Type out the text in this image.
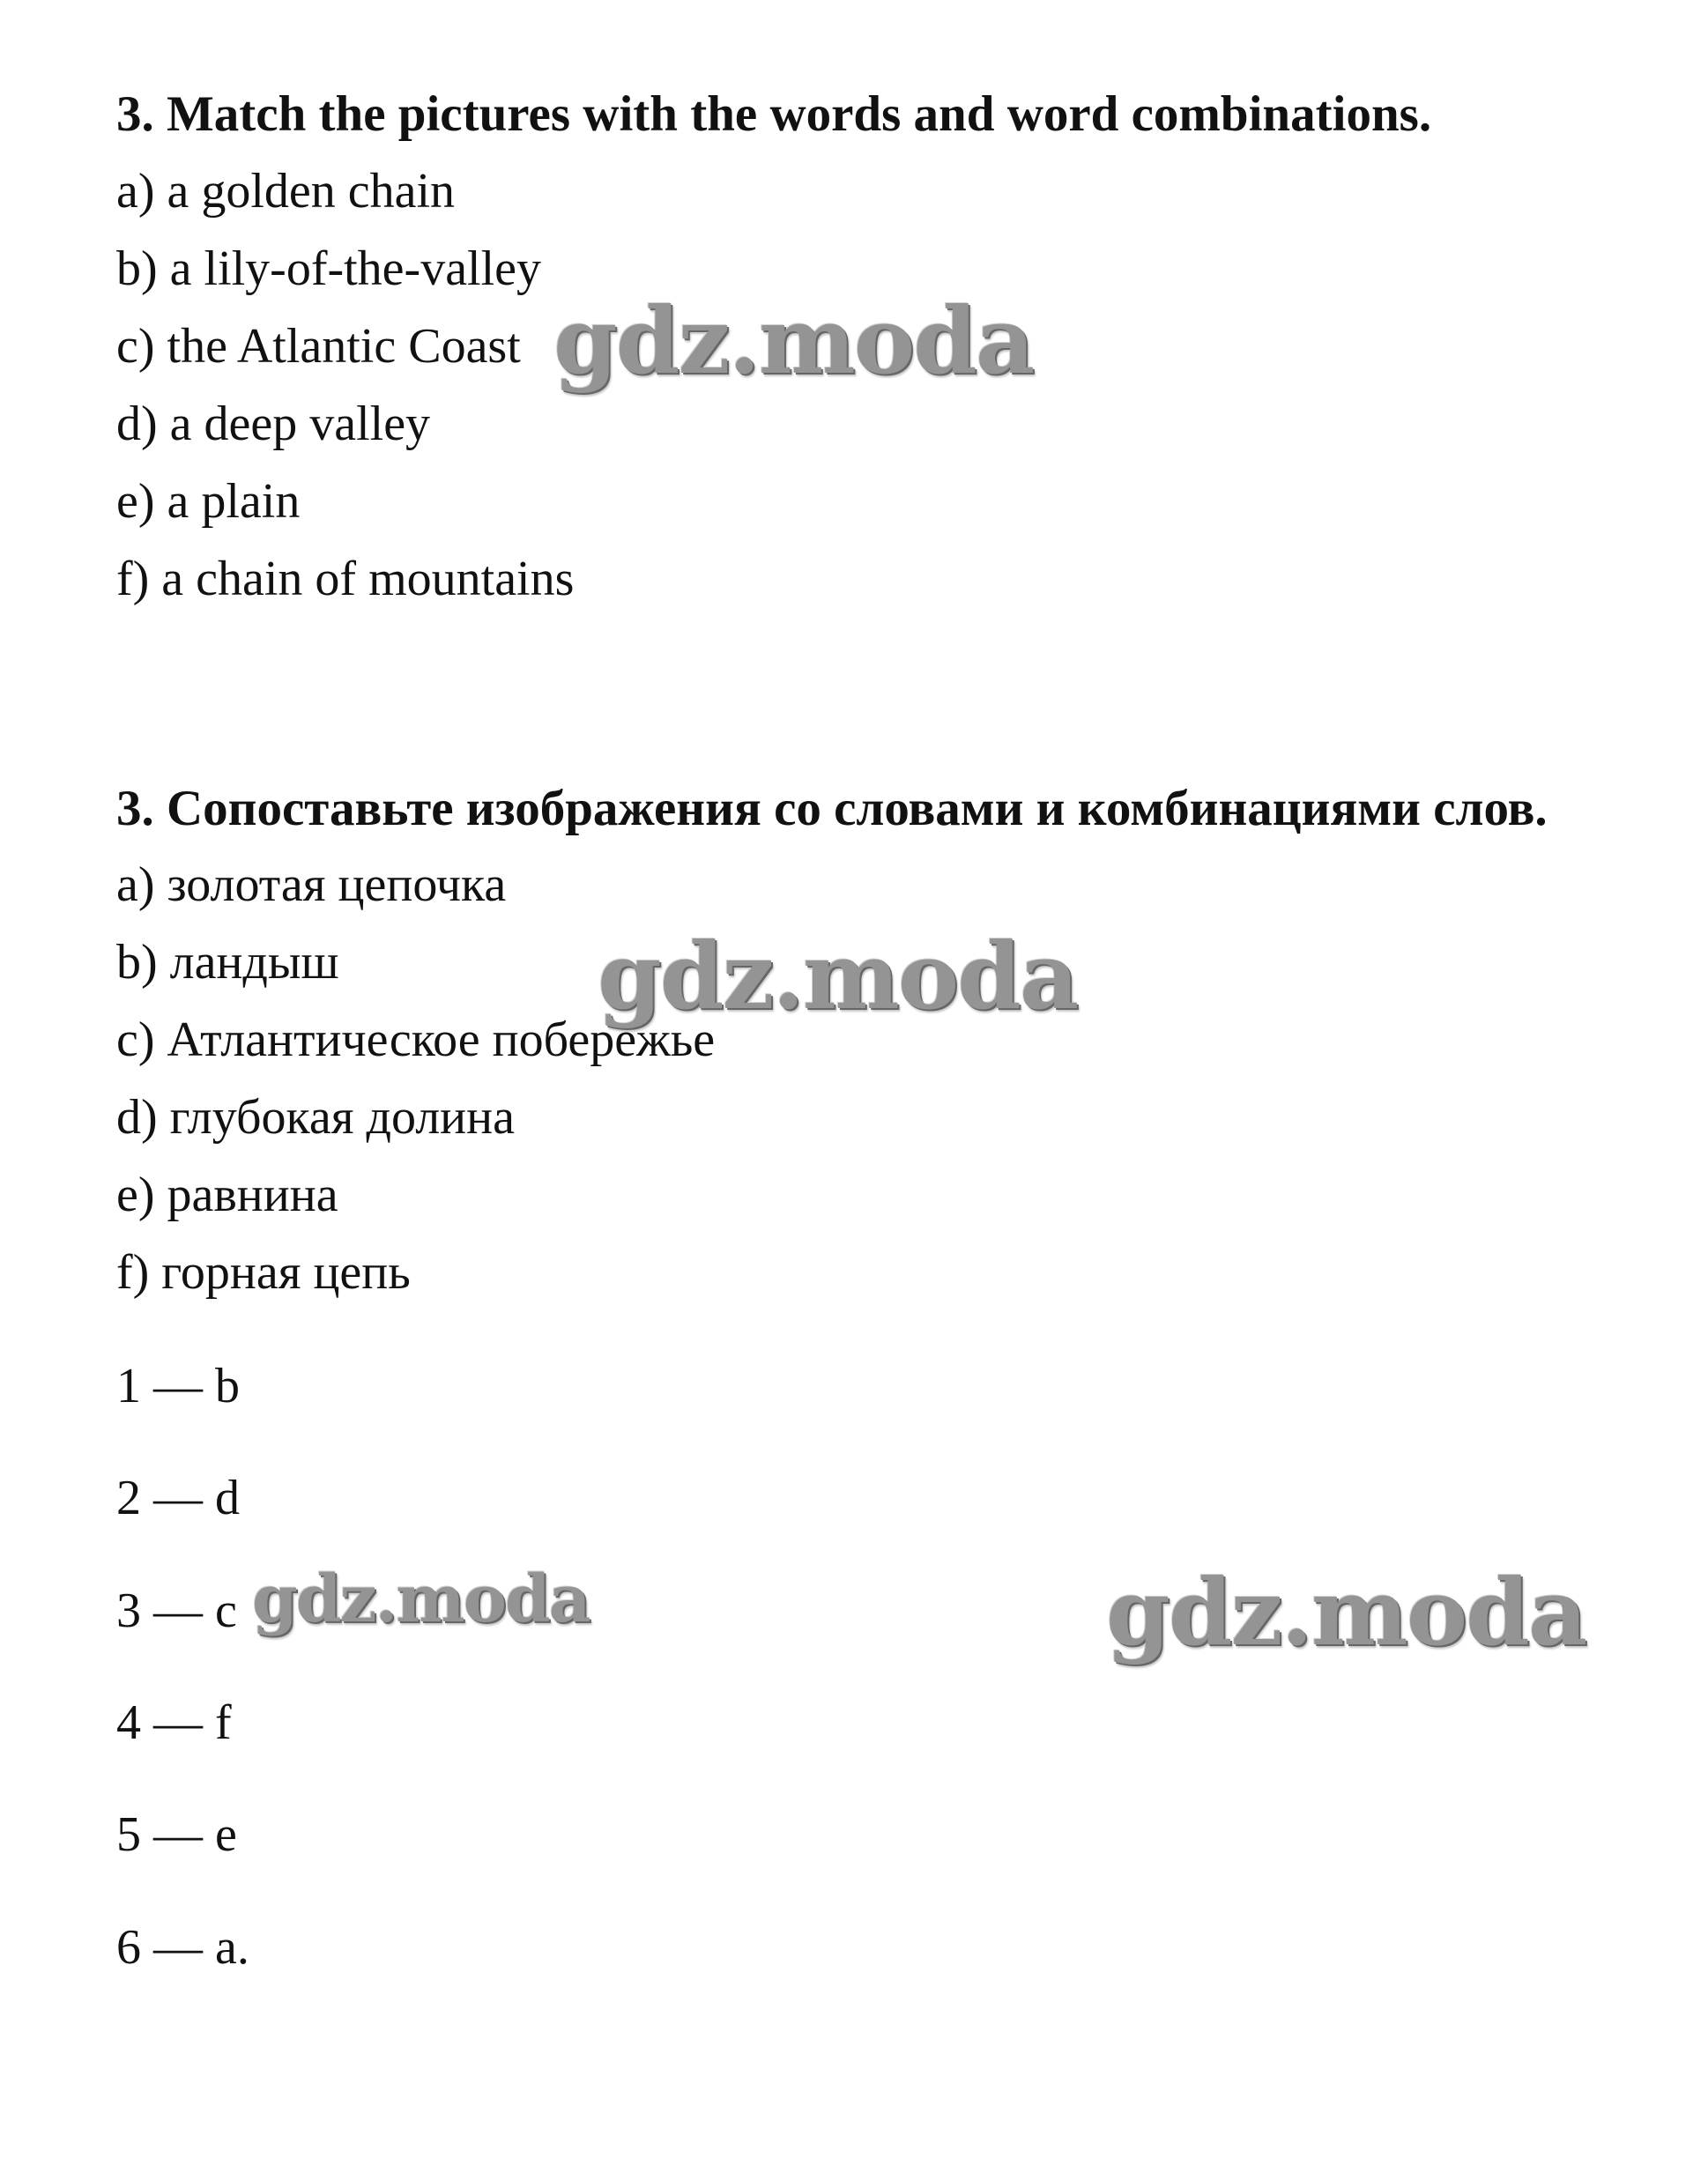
3. Match the pictures with the words and word combinations.
a) a golden chain
b) a lily-of-the-valley
c) the Atlantic Coast
d) a deep valley
e) a plain
f) a chain of mountains
3. Сопоставьте изображения со словами и комбинациями слов.
a) золотая цепочка
b) ландыш
c) Атлантическое побережье
d) глубокая долина
e) равнина
f) горная цепь
1 — b
2 — d
3 — c
4 — f
5 — e
6 — a.
gdz.moda
gdz.moda
gdz.moda	gdz.moda
